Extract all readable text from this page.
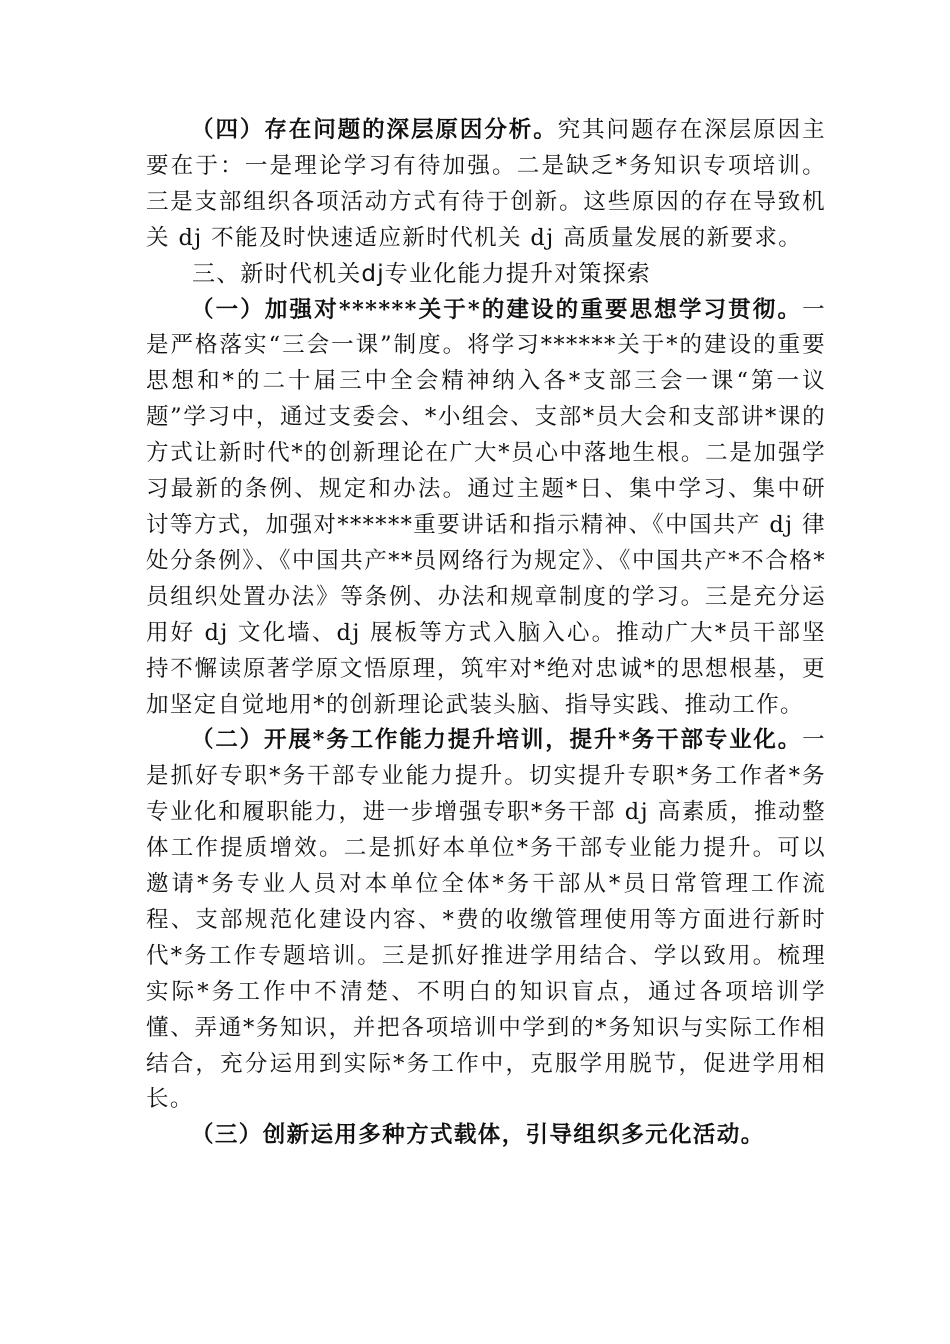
（四）存在问题的深层原因分析。究其问题存在深层原因主要在于：一是理论学习有待加强。二是缺乏*务知识专项培训。三是支部组织各项活动方式有待于创新。这些原因的存在导致机关 dj 不能及时快速适应新时代机关 dj 高质量发展的新要求。

三、新时代机关dj专业化能力提升对策探索

（一）加强对******关于*的建设的重要思想学习贯彻。一是严格落实“三会一课”制度。将学习******关于*的建设的重要思想和*的二十届三中全会精神纳入各*支部三会一课“第一议题”学习中，通过支委会、*小组会、支部*员大会和支部讲*课的方式让新时代*的创新理论在广大*员心中落地生根。二是加强学习最新的条例、规定和办法。通过主题*日、集中学习、集中研讨等方式，加强对******重要讲话和指示精神、《中国共产 dj 律处分条例》、《中国共产**员网络行为规定》、《中国共产*不合格*员组织处置办法》等条例、办法和规章制度的学习。三是充分运用好 dj 文化墙、dj 展板等方式入脑入心。推动广大*员干部坚持不懈读原著学原文悟原理，筑牢对*绝对忠诚*的思想根基，更加坚定自觉地用*的创新理论武装头脑、指导实践、推动工作。

（二）开展*务工作能力提升培训，提升*务干部专业化。一是抓好专职*务干部专业能力提升。切实提升专职*务工作者*务专业化和履职能力，进一步增强专职*务干部 dj 高素质，推动整体工作提质增效。二是抓好本单位*务干部专业能力提升。可以邀请*务专业人员对本单位全体*务干部从*员日常管理工作流程、支部规范化建设内容、*费的收缴管理使用等方面进行新时代*务工作专题培训。三是抓好推进学用结合、学以致用。梳理实际*务工作中不清楚、不明白的知识盲点，通过各项培训学懂、弄通*务知识，并把各项培训中学到的*务知识与实际工作相结合，充分运用到实际*务工作中，克服学用脱节，促进学用相长。

（三）创新运用多种方式载体，引导组织多元化活动。
